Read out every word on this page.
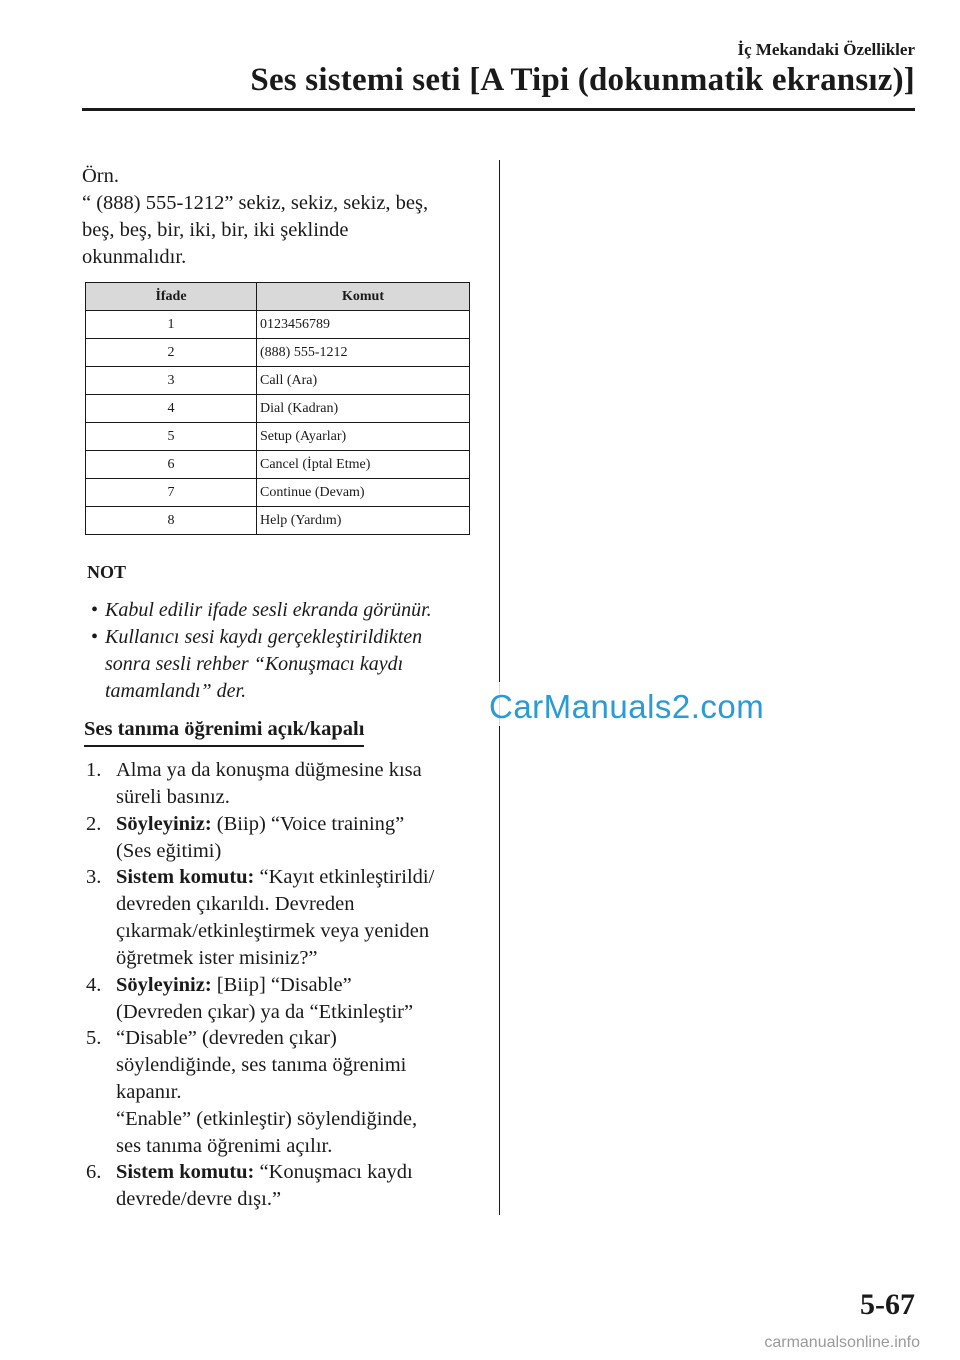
İç Mekandaki Özellikler
Ses sistemi seti [A Tipi (dokunmatik ekransız)]
Örn.
“ (888) 555-1212” sekiz, sekiz, sekiz, beş,
beş, beş, bir, iki, bir, iki şeklinde
okunmalıdır.
İfade	Komut
1	0123456789
2	(888) 555-1212
3	Call (Ara)
4	Dial (Kadran)
5	Setup (Ayarlar)
6	Cancel (İptal Etme)
7	Continue (Devam)
8	Help (Yardım)
NOT
• Kabul edilir ifade sesli ekranda görünür.
• Kullanıcı sesi kaydı gerçekleştirildikten
sonra sesli rehber “Konuşmacı kaydı
tamamlandı” der.
Ses tanıma öğrenimi açık/kapalı
1. Alma ya da konuşma düğmesine kısa
süreli basınız.
2. Söyleyiniz: (Biip) “Voice training”
(Ses eğitimi)
3. Sistem komutu: “Kayıt etkinleştirildi/
devreden çıkarıldı. Devreden
çıkarmak/etkinleştirmek veya yeniden
öğretmek ister misiniz?”
4. Söyleyiniz: [Biip] “Disable”
(Devreden çıkar) ya da “Etkinleştir”
5. “Disable” (devreden çıkar)
söylendiğinde, ses tanıma öğrenimi
kapanır.
“Enable” (etkinleştir) söylendiğinde,
ses tanıma öğrenimi açılır.
6. Sistem komutu: “Konuşmacı kaydı
devrede/devre dışı.”
CarManuals2.com
5-67
carmanualsonline.info
